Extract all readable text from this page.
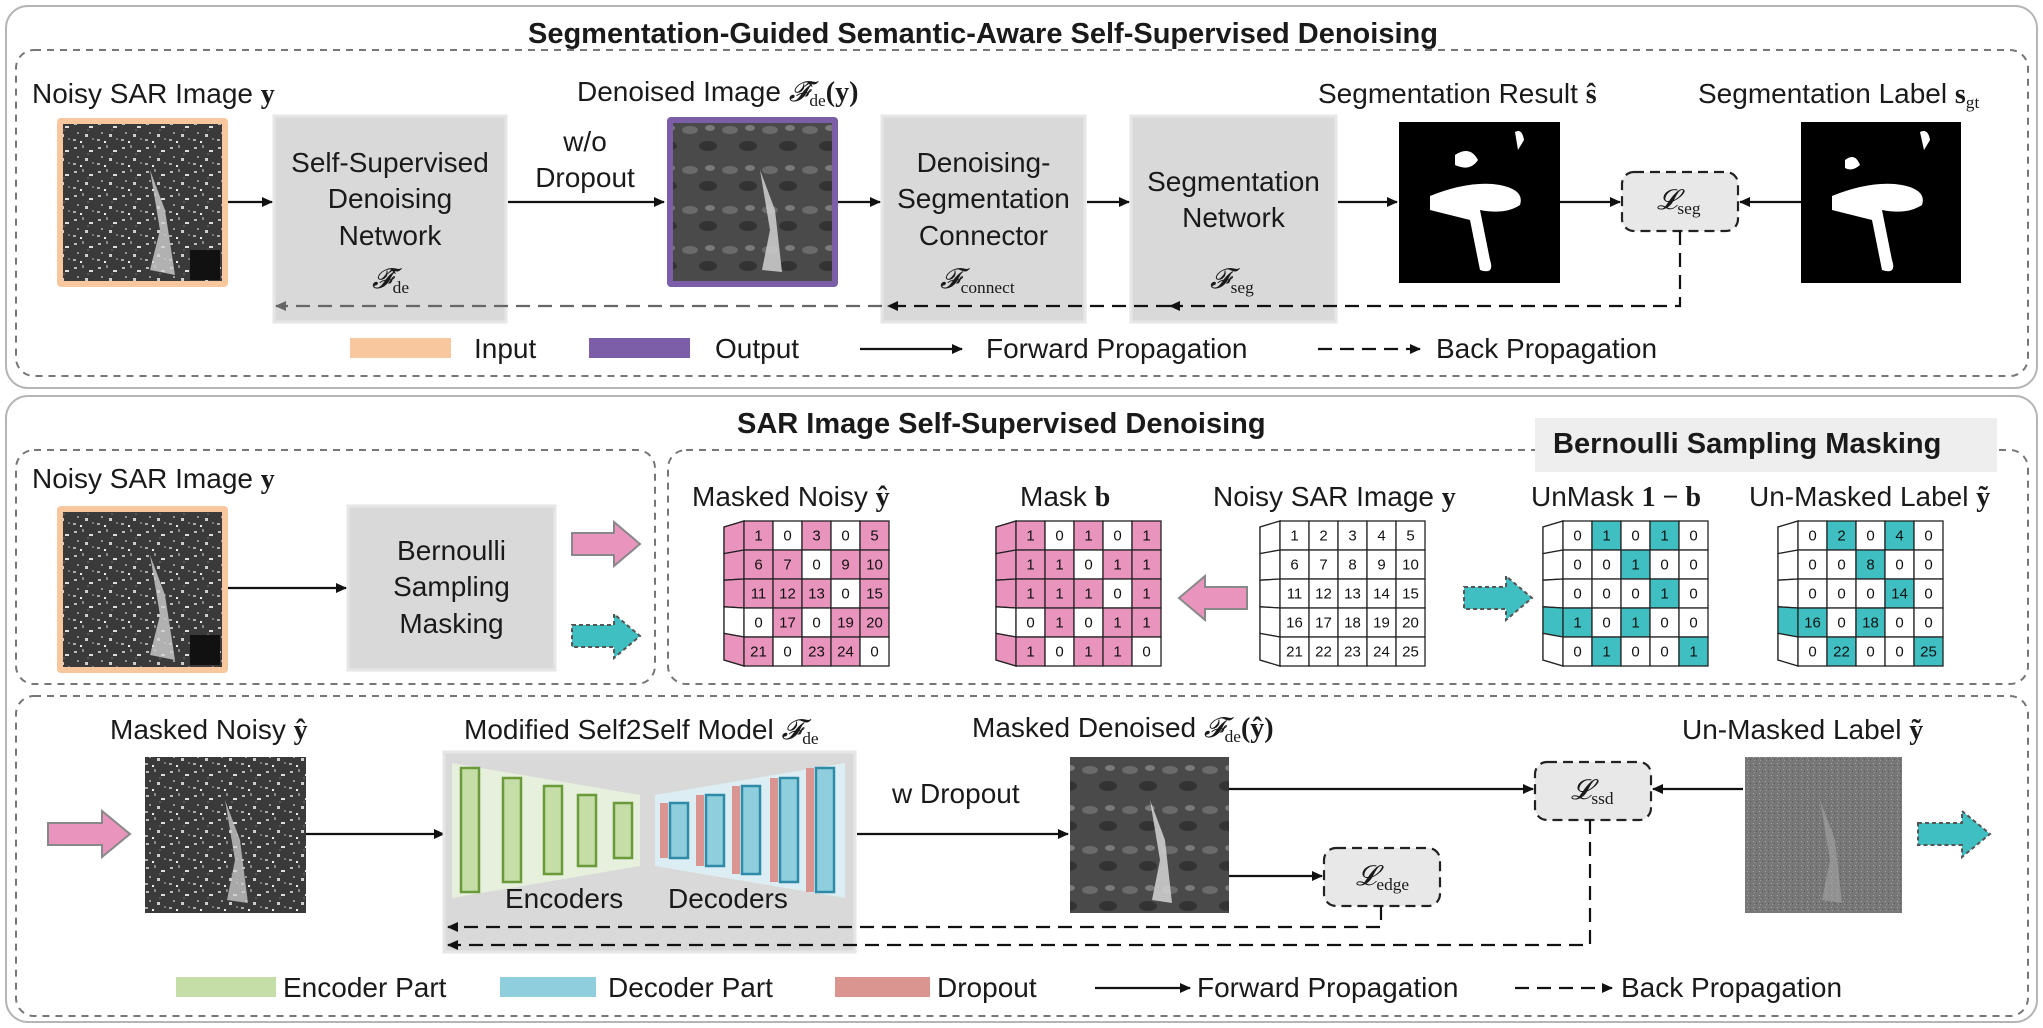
1 0 3 0 5
6 7 0 9 10
11 12 13 0 15
0 17 0 19 20
21 0 23 24 0
1 0 1 0 1
1 1 0 1 1
1 1 1 0 1
0 1 0 1 1
1 0 1 1 0
1 2 3 4 5
6 7 8 9 10
11 12 13 14 15
16 17 18 19 20
21 22 23 24 25
0 1 0 1 0
0 0 1 0 0
0 0 0 1 0
1 0 1 0 0
0 1 0 0 1
0 2 0 4 0
0 0 8 0 0
0 0 0 14 0
16 0 18 0 0
0 22 0 0 25
Segmentation-Guided Semantic-Aware Self-Supervised Denoising
Noisy SAR Image y	Denoised Image $𝓕̂_{de}(y)$	Segmentation Result ŝ	Segmentation Label $s_{gt}$
Self-Supervised
Denoising
Network
$𝓕̂_{de}$
w/o
Dropout	Denoising-
Segmentation
Connector
𝓕$_{connect}$
Segmentation
Network
𝓕$_{seg}$
𝓛$_{seg}$
Input	Output	Forward Propagation	Back Propagation
SAR Image Self-Supervised Denoising
Bernoulli Sampling Masking
Noisy SAR Image y
Bernoulli
Sampling
Masking
Masked Noisy ŷ	Mask b	Noisy SAR Image y	UnMask 1 − b Un-Masked Label ỹ
Masked Noisy ŷ	Modified Self2Self Model 𝓕$_{de}$
Encoders Decoders
w Dropout
Masked Denoised 𝓕$_{de}$(ŷ)	Un-Masked Label ỹ
𝓛$_{ssd}$
𝓛$_{edge}$
Encoder Part	Decoder Part	Dropout	Forward Propagation	Back Propagation
